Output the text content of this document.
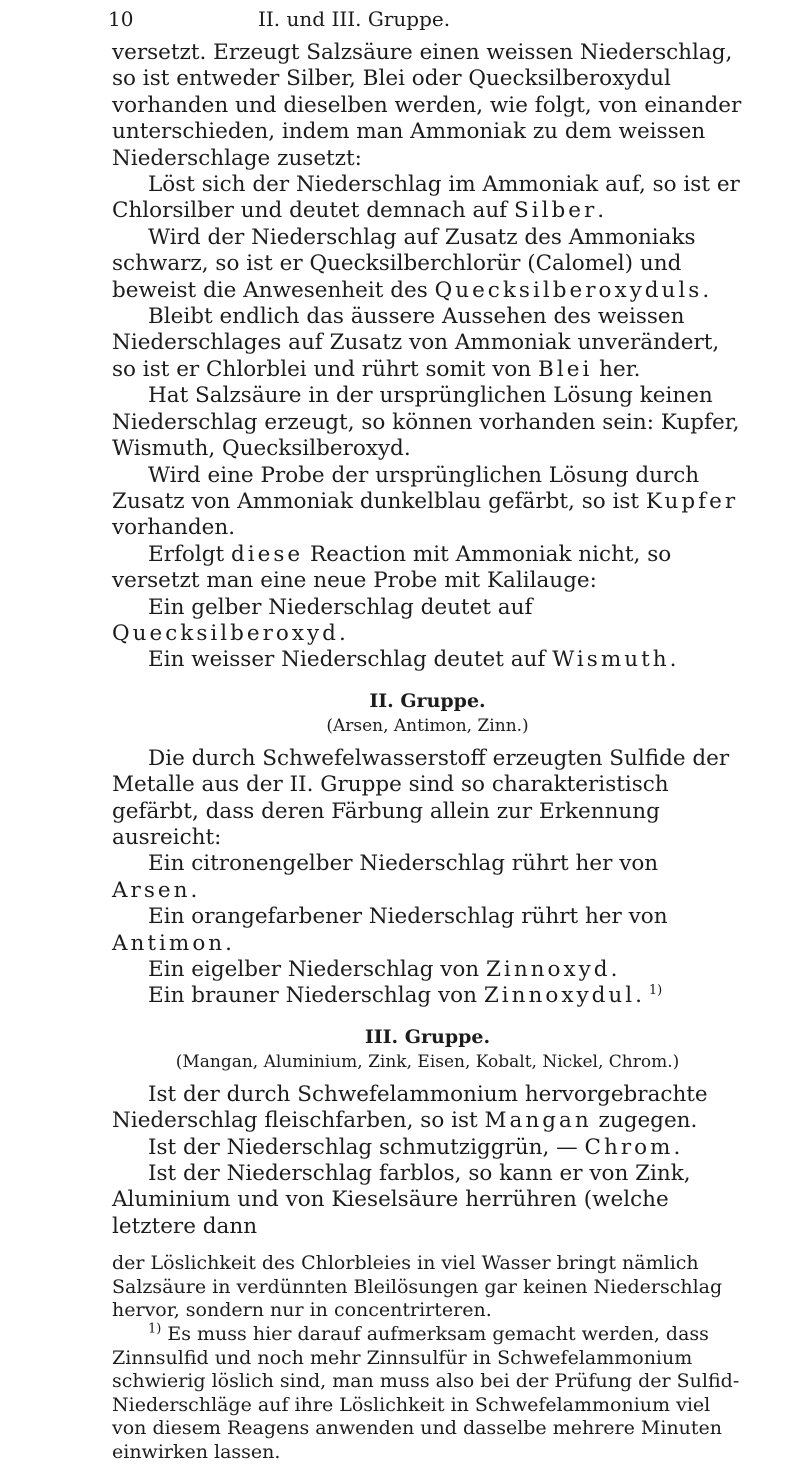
10	II. und III. Gruppe.

versetzt. Erzeugt Salzsäure einen weissen Niederschlag, so ist entweder Silber, Blei oder Quecksilberoxydul vorhanden und dieselben werden, wie folgt, von einander unterschieden, indem man Ammoniak zu dem weissen Niederschlage zusetzt:

Löst sich der Niederschlag im Ammoniak auf, so ist er Chlorsilber und deutet demnach auf Silber.

Wird der Niederschlag auf Zusatz des Ammoniaks schwarz, so ist er Quecksilberchlorür (Calomel) und beweist die Anwesenheit des Quecksilberoxyduls.

Bleibt endlich das äussere Aussehen des weissen Niederschlages auf Zusatz von Ammoniak unverändert, so ist er Chlorblei und rührt somit von Blei her.

Hat Salzsäure in der ursprünglichen Lösung keinen Niederschlag erzeugt, so können vorhanden sein: Kupfer, Wismuth, Quecksilberoxyd.

Wird eine Probe der ursprünglichen Lösung durch Zusatz von Ammoniak dunkelblau gefärbt, so ist Kupfer vorhanden.

Erfolgt diese Reaction mit Ammoniak nicht, so versetzt man eine neue Probe mit Kalilauge:

Ein gelber Niederschlag deutet auf Quecksilberoxyd.

Ein weisser Niederschlag deutet auf Wismuth.

II. Gruppe.
(Arsen, Antimon, Zinn.)

Die durch Schwefelwasserstoff erzeugten Sulfide der Metalle aus der II. Gruppe sind so charakteristisch gefärbt, dass deren Färbung allein zur Erkennung ausreicht:

Ein citronengelber Niederschlag rührt her von Arsen.

Ein orangefarbener Niederschlag rührt her von Antimon.

Ein eigelber Niederschlag von Zinnoxyd.

Ein brauner Niederschlag von Zinnoxydul. $^{1)}$

III. Gruppe.
(Mangan, Aluminium, Zink, Eisen, Kobalt, Nickel, Chrom.)

Ist der durch Schwefelammonium hervorgebrachte Niederschlag fleischfarben, so ist Mangan zugegen.

Ist der Niederschlag schmutziggrün, — Chrom.

Ist der Niederschlag farblos, so kann er von Zink, Aluminium und von Kieselsäure herrühren (welche letztere dann

der Löslichkeit des Chlorbleies in viel Wasser bringt nämlich Salzsäure in verdünnten Bleilösungen gar keinen Niederschlag hervor, sondern nur in concentrirteren.

$^{1)}$ Es muss hier darauf aufmerksam gemacht werden, dass Zinnsulfid und noch mehr Zinnsulfür in Schwefelammonium schwierig löslich sind, man muss also bei der Prüfung der Sulfid-Niederschläge auf ihre Löslichkeit in Schwefelammonium viel von diesem Reagens anwenden und dasselbe mehrere Minuten einwirken lassen.
